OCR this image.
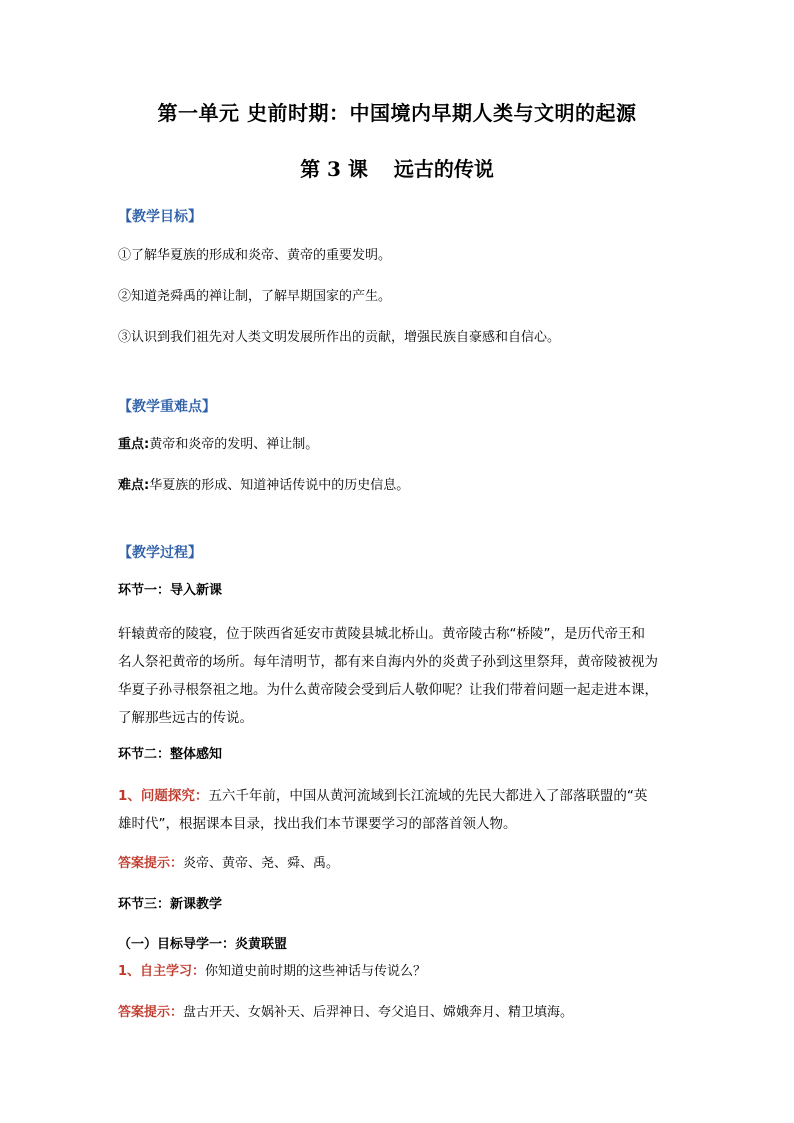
第一单元 史前时期：中国境内早期人类与文明的起源
第 3 课 远古的传说
【教学目标】
①了解华夏族的形成和炎帝、黄帝的重要发明。
②知道尧舜禹的禅让制，了解早期国家的产生。
③认识到我们祖先对人类文明发展所作出的贡献，增强民族自豪感和自信心。
【教学重难点】
重点:黄帝和炎帝的发明、禅让制。
难点:华夏族的形成、知道神话传说中的历史信息。
【教学过程】
环节一：导入新课
轩辕黄帝的陵寝，位于陕西省延安市黄陵县城北桥山。黄帝陵古称“桥陵”，是历代帝王和
名人祭祀黄帝的场所。每年清明节，都有来自海内外的炎黄子孙到这里祭拜，黄帝陵被视为
华夏子孙寻根祭祖之地。为什么黄帝陵会受到后人敬仰呢？让我们带着问题一起走进本课，
了解那些远古的传说。
环节二：整体感知
1、问题探究：五六千年前，中国从黄河流域到长江流域的先民大都进入了部落联盟的“英
雄时代”，根据课本目录，找出我们本节课要学习的部落首领人物。
答案提示：炎帝、黄帝、尧、舜、禹。
环节三：新课教学
（一）目标导学一：炎黄联盟
1、自主学习：你知道史前时期的这些神话与传说么？
答案提示：盘古开天、女娲补天、后羿神日、夸父追日、嫦娥奔月、精卫填海。
